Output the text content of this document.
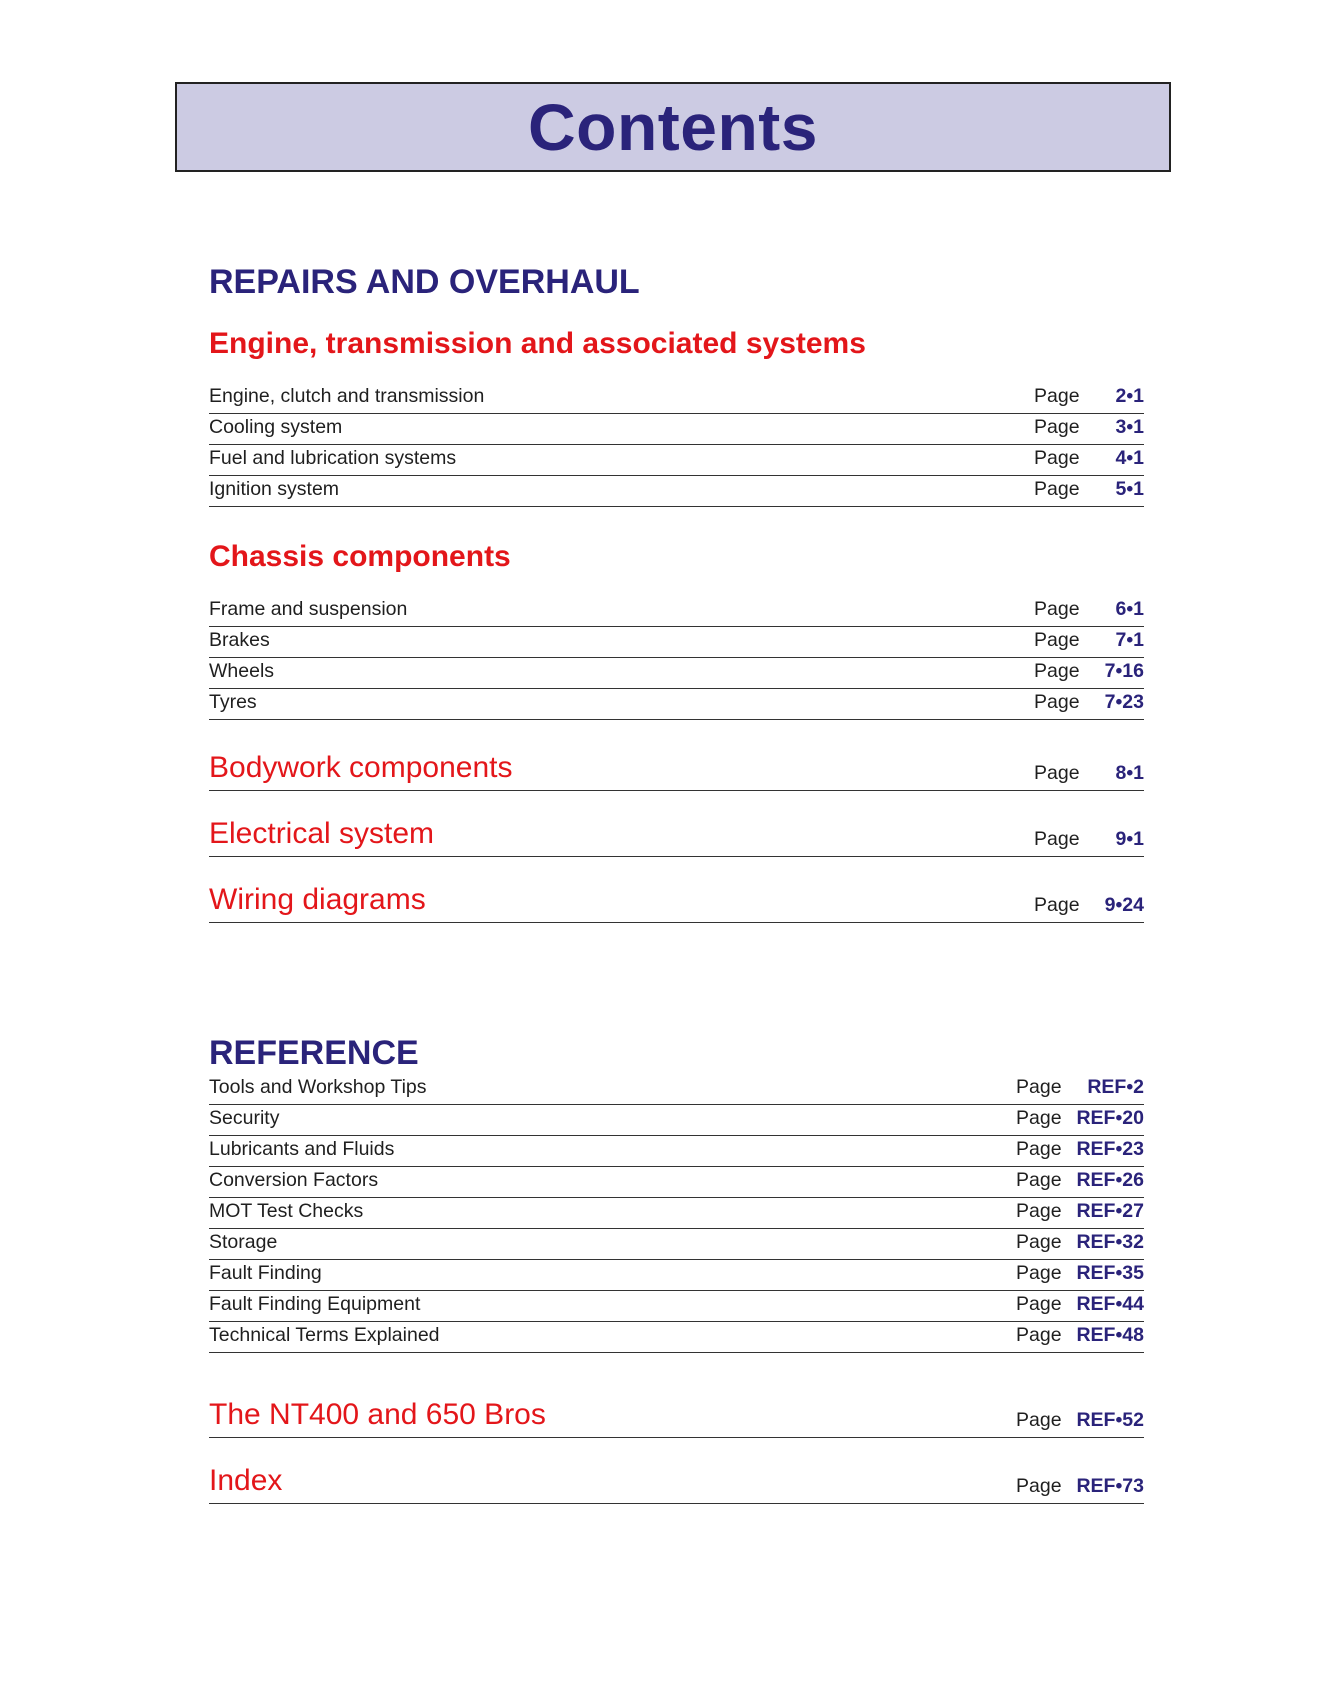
Contents
REPAIRS AND OVERHAUL
Engine, transmission and associated systems
Engine, clutch and transmission	Page	2•1
Cooling system	Page	3•1
Fuel and lubrication systems	Page	4•1
Ignition system	Page	5•1
Chassis components
Frame and suspension	Page	6•1
Brakes	Page	7•1
Wheels	Page	7•16
Tyres	Page	7•23
Bodywork components	Page	8•1
Electrical system	Page	9•1
Wiring diagrams	Page	9•24
REFERENCE
Tools and Workshop Tips	Page	REF•2
Security	Page REF•20
Lubricants and Fluids	Page REF•23
Conversion Factors	Page REF•26
MOT Test Checks	Page REF•27
Storage	Page REF•32
Fault Finding	Page REF•35
Fault Finding Equipment	Page REF•44
Technical Terms Explained	Page REF•48
The NT400 and 650 Bros	Page REF•52
Index	Page REF•73
